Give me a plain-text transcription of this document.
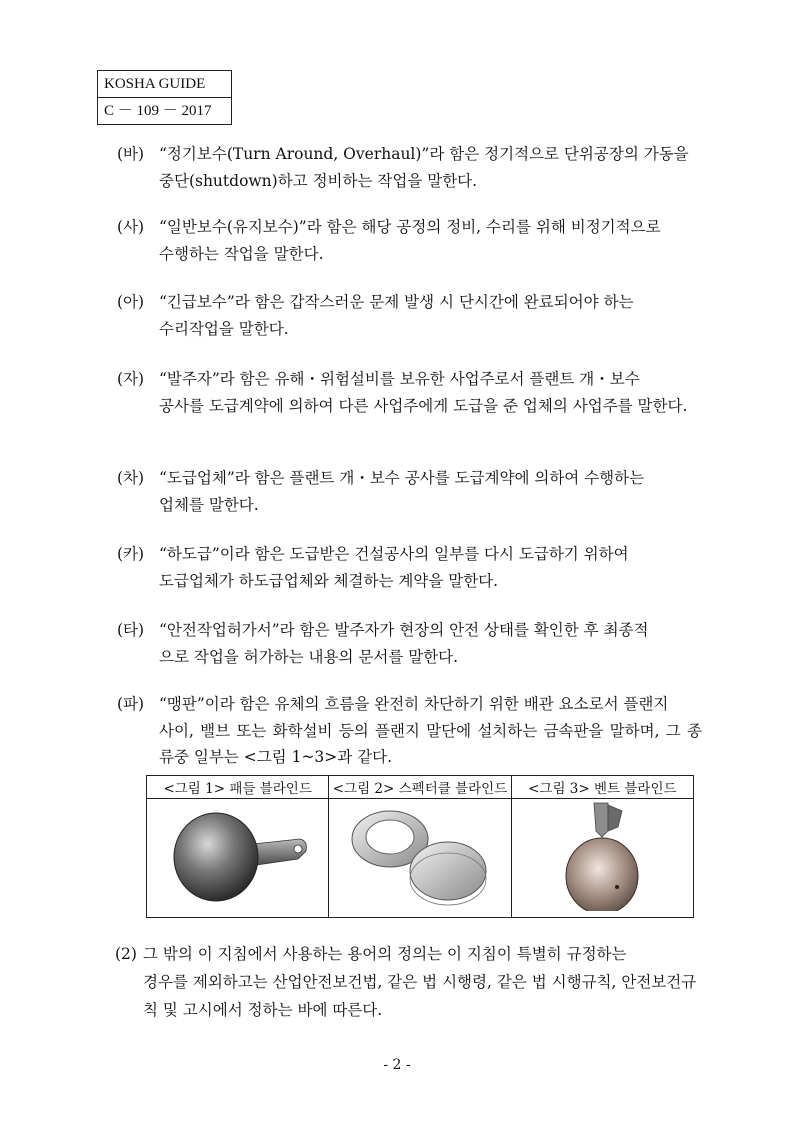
KOSHA GUIDE
C － 109 － 2017
(바) “정기보수(Turn Around, Overhaul)”라 함은 정기적으로 단위공장의 가동을
중단(shutdown)하고 정비하는 작업을 말한다.
(사) “일반보수(유지보수)”라 함은 해당 공정의 정비, 수리를 위해 비정기적으로
수행하는 작업을 말한다.
(아) “긴급보수”라 함은 갑작스러운 문제 발생 시 단시간에 완료되어야 하는
수리작업을 말한다.
(자) “발주자”라 함은 유해・위험설비를 보유한 사업주로서 플랜트 개・보수
공사를 도급계약에 의하여 다른 사업주에게 도급을 준 업체의 사업주를 말한다.
(차) “도급업체”라 함은 플랜트 개・보수 공사를 도급계약에 의하여 수행하는
업체를 말한다.
(카) “하도급”이라 함은 도급받은 건설공사의 일부를 다시 도급하기 위하여
도급업체가 하도급업체와 체결하는 계약을 말한다.
(타) “안전작업허가서”라 함은 발주자가 현장의 안전 상태를 확인한 후 최종적
으로 작업을 허가하는 내용의 문서를 말한다.
(파) “맹판”이라 함은 유체의 흐름을 완전히 차단하기 위한 배관 요소로서 플랜지
사이, 밸브 또는 화학설비 등의 플랜지 말단에 설치하는 금속판을 말하며, 그 종류중 일부는 <그림 1~3>과 같다.
<그림 1> 패들 블라인드	<그림 2> 스펙터클 블라인드	<그림 3> 벤트 블라인드

(2) 그 밖의 이 지침에서 사용하는 용어의 정의는 이 지침이 특별히 규정하는
경우를 제외하고는 산업안전보건법, 같은 법 시행령, 같은 법 시행규칙, 안전보건규칙 및 고시에서 정하는 바에 따른다.
- 2 -
